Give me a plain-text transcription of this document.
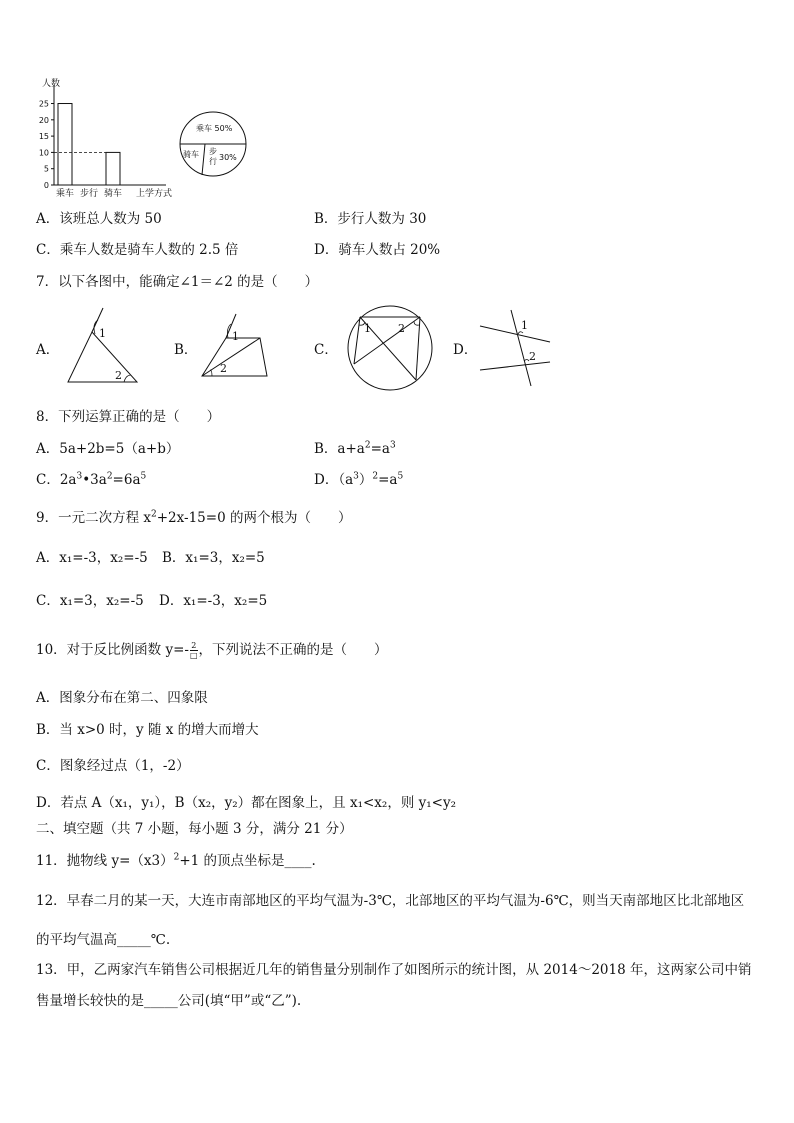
0
5
10
15
20
25
乘车 步行 骑车
人数
上学方式
乘车 50%
骑车 步
行 30%
A．该班总人数为 50	B．步行人数为 30
C．乘车人数是骑车人数的 2.5 倍	D．骑车人数占 20%
7．以下各图中，能确定∠1＝∠2 的是（　　）
A．
1
2
B．
1
2
C．
1 2
D．
1
2
8．下列运算正确的是（　　）
A．5a+2b=5（a+b）	B．$a+a^2=a^3$
C．$2a^3•3a^2=6a^5$	D．$(a^3)^2=a^5$
9．一元二次方程 $x^2+2x-15=0$ 的两个根为（　　）
A．x₁=-3，x₂=-5 B．x₁=3，x₂=5
C．x₁=3，x₂=-5 D．x₁=-3，x₂=5
10．对于反比例函数 $y=- \frac{2}{□}$ ，下列说法不正确的是（　　）
A．图象分布在第二、四象限
B．当 x>0 时，y 随 x 的增大而增大
C．图象经过点（1，-2）
D．若点 A（x₁，y₁），B（x₂，y₂）都在图象上，且 x₁<x₂，则 y₁<y₂
二、填空题（共 7 小题，每小题 3 分，满分 21 分）
11．抛物线 $y=(x3)^2+1$ 的顶点坐标是____.
12．早春二月的某一天，大连市南部地区的平均气温为-3℃，北部地区的平均气温为-6℃，则当天南部地区比北部地区
的平均气温高_____℃.
13．甲，乙两家汽车销售公司根据近几年的销售量分别制作了如图所示的统计图，从 2014～2018 年，这两家公司中销
售量增长较快的是_____公司(填“甲”或“乙”).
